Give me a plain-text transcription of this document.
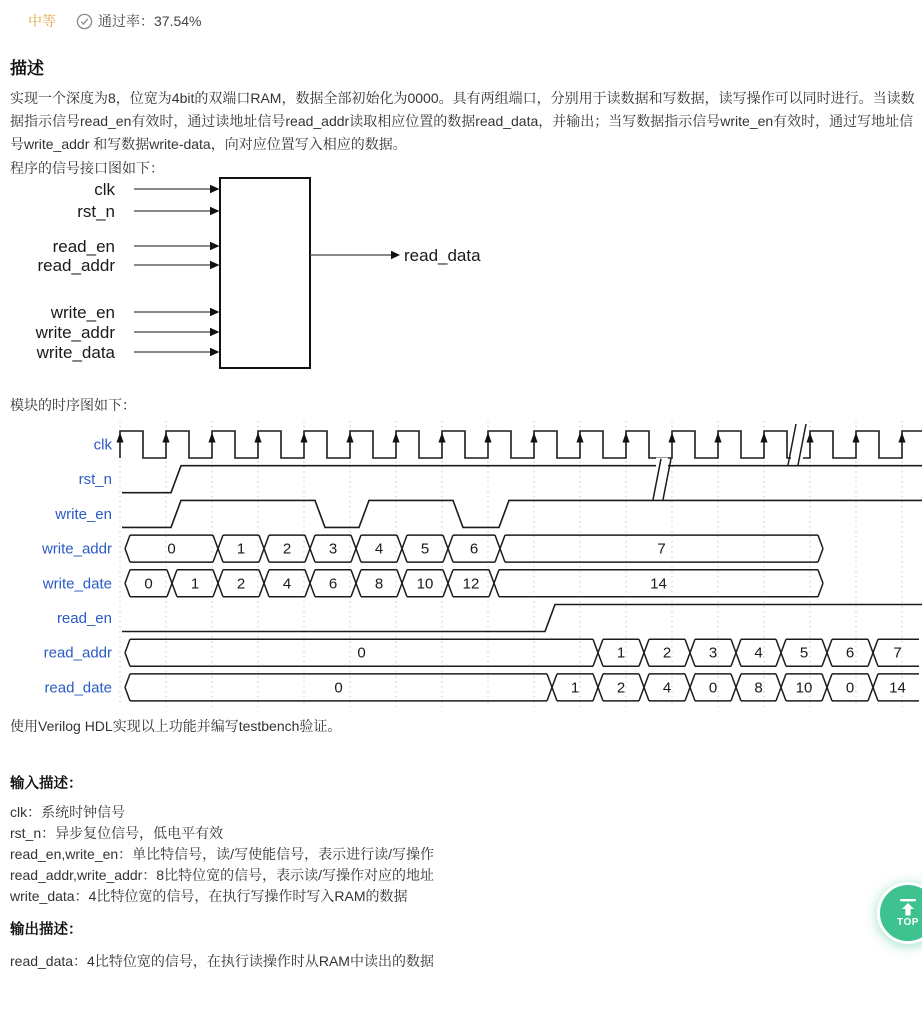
中等	通过率： 37.54%
描述

实现一个深度为8，位宽为4bit的双端口RAM，数据全部初始化为0000。具有两组端口，分别用于读数据和写数据，读写操作可以同时进行。当读数据指示信号read_en有效时，通过读地址信号read_addr读取相应位置的数据read_data，并输出；当写数据指示信号write_en有效时，通过写地址信号write_addr 和写数据write-data，向对应位置写入相应的数据。

程序的信号接口图如下：

clk
rst_n
read_en
read_addr
write_en
write_addr
write_data
read_data

模块的时序图如下：

clk
rst_n
write_en
write_addr	0	1	2	3	4	5	6	7
write_date 0	1	2	4	6	8 10 12	14
read_en
read_addr	0	1	2	3 4 5	6	7
read_date	0	1	2	4	0 8 10 0 14

使用Verilog HDL实现以上功能并编写testbench验证。

输入描述：
clk：系统时钟信号
rst_n：异步复位信号，低电平有效
read_en,write_en：单比特信号，读/写使能信号，表示进行读/写操作
read_addr,write_addr：8比特位宽的信号，表示读/写操作对应的地址
write_data：4比特位宽的信号，在执行写操作时写入RAM的数据
输出描述：
read_data：4比特位宽的信号，在执行读操作时从RAM中读出的数据
TOP
